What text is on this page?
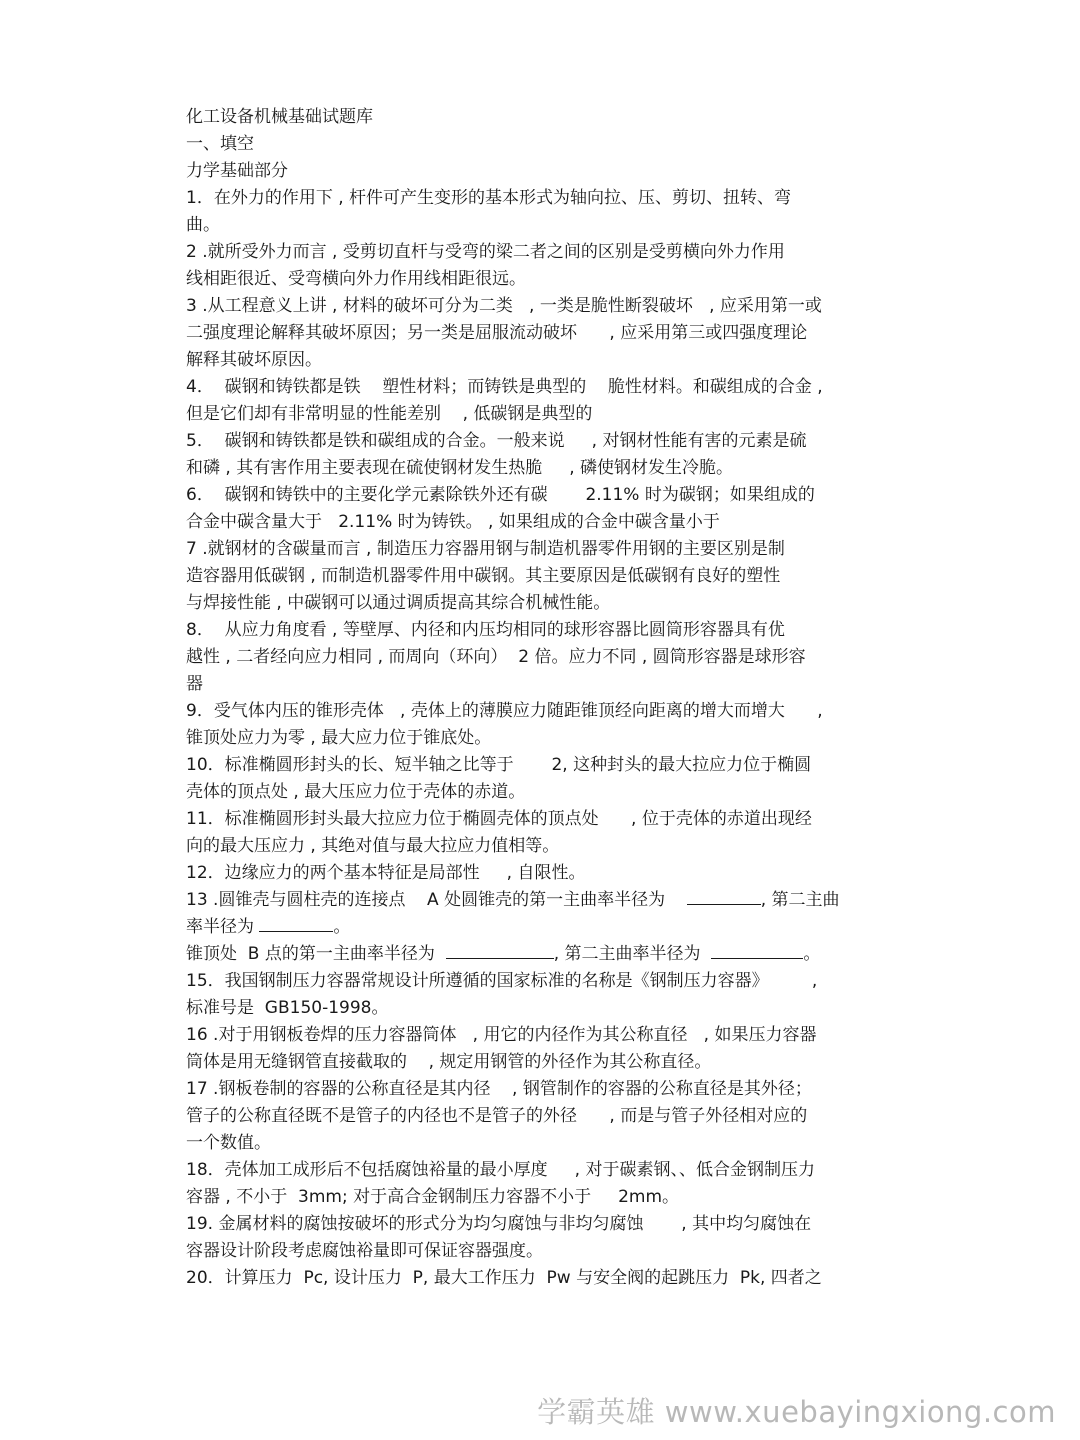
化工设备机械基础试题库
一、填空
力学基础部分
1．在外力的作用下 , 杆件可产生变形的基本形式为轴向拉、压、剪切、扭转、弯
曲。
2 .就所受外力而言 , 受剪切直杆与受弯的梁二者之间的区别是受剪横向外力作用
线相距很近、受弯横向外力作用线相距很远。
3 .从工程意义上讲 , 材料的破坏可分为二类   , 一类是脆性断裂破坏   , 应采用第一或
二强度理论解释其破坏原因；另一类是屈服流动破坏      , 应采用第三或四强度理论
解释其破坏原因。
4．  碳钢和铸铁都是铁    塑性材料；而铸铁是典型的    脆性材料。和碳组成的合金 ,
但是它们却有非常明显的性能差别    , 低碳钢是典型的
5．  碳钢和铸铁都是铁和碳组成的合金。一般来说     , 对钢材性能有害的元素是硫
和磷 , 其有害作用主要表现在硫使钢材发生热脆     , 磷使钢材发生冷脆。
6．  碳钢和铸铁中的主要化学元素除铁外还有碳       2.11% 时为碳钢；如果组成的
合金中碳含量大于   2.11% 时为铸铁。 , 如果组成的合金中碳含量小于
7 .就钢材的含碳量而言 , 制造压力容器用钢与制造机器零件用钢的主要区别是制
造容器用低碳钢 , 而制造机器零件用中碳钢。其主要原因是低碳钢有良好的塑性
与焊接性能 , 中碳钢可以通过调质提高其综合机械性能。
8．  从应力角度看 , 等壁厚、内径和内压均相同的球形容器比圆筒形容器具有优
越性 , 二者经向应力相同 , 而周向（环向）  2 倍。应力不同 , 圆筒形容器是球形容
器
9．受气体内压的锥形壳体   , 壳体上的薄膜应力随距锥顶经向距离的增大而增大      ,
锥顶处应力为零 , 最大应力位于锥底处。
10．标准椭圆形封头的长、短半轴之比等于       2, 这种封头的最大拉应力位于椭圆
壳体的顶点处 , 最大压应力位于壳体的赤道。
11．标准椭圆形封头最大拉应力位于椭圆壳体的顶点处      , 位于壳体的赤道出现经
向的最大压应力 , 其绝对值与最大拉应力值相等。
12．边缘应力的两个基本特征是局部性     , 自限性。
13 .圆锥壳与圆柱壳的连接点    A 处圆锥壳的第一主曲率半径为	, 第二主曲
率半径为	。
锥顶处  B 点的第一主曲率半径为	, 第二主曲率半径为	。
15．我国钢制压力容器常规设计所遵循的国家标准的名称是《钢制压力容器》        ,
标准号是  GB150-1998。
16 .对于用钢板卷焊的压力容器筒体   , 用它的内径作为其公称直径   , 如果压力容器
筒体是用无缝钢管直接截取的    , 规定用钢管的外径作为其公称直径。
17 .钢板卷制的容器的公称直径是其内径    , 钢管制作的容器的公称直径是其外径；
管子的公称直径既不是管子的内径也不是管子的外径      , 而是与管子外径相对应的
一个数值。
18．壳体加工成形后不包括腐蚀裕量的最小厚度     , 对于碳素钢、、低合金钢制压力
容器 , 不小于  3mm; 对于高合金钢制压力容器不小于     2mm。
19. 金属材料的腐蚀按破坏的形式分为均匀腐蚀与非均匀腐蚀       , 其中均匀腐蚀在
容器设计阶段考虑腐蚀裕量即可保证容器强度。
20．计算压力  Pc, 设计压力  P, 最大工作压力  Pw 与安全阀的起跳压力  Pk, 四者之
学霸英雄 www.xuebayingxiong.com
